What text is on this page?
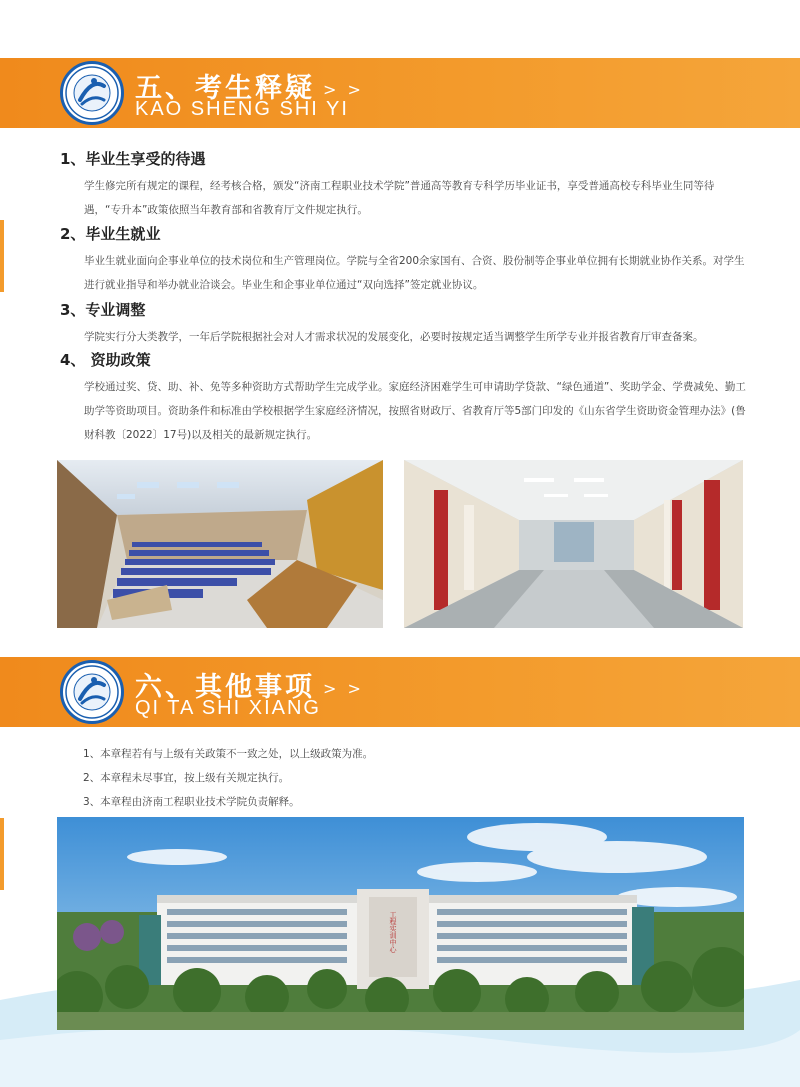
五、考生释疑 > >
KAO SHENG SHI YI
1、毕业生享受的待遇

学生修完所有规定的课程，经考核合格，颁发“济南工程职业技术学院”普通高等教育专科学历毕业证书，享受普通高校专科毕业生同等待遇，“专升本”政策依照当年教育部和省教育厅文件规定执行。

2、毕业生就业

毕业生就业面向企事业单位的技术岗位和生产管理岗位。学院与全省200余家国有、合资、股份制等企事业单位拥有长期就业协作关系。对学生进行就业指导和举办就业洽谈会。毕业生和企事业单位通过“双向选择”签定就业协议。

3、专业调整

学院实行分大类教学，一年后学院根据社会对人才需求状况的发展变化，必要时按规定适当调整学生所学专业并报省教育厅审查备案。

4、 资助政策

学校通过奖、贷、助、补、免等多种资助方式帮助学生完成学业。家庭经济困难学生可申请助学贷款、“绿色通道”、奖助学金、学费减免、勤工助学等资助项目。资助条件和标准由学校根据学生家庭经济情况，按照省财政厅、省教育厅等5部门印发的《山东省学生资助资金管理办法》(鲁财科教〔2022〕17号)以及相关的最新规定执行。

六、其他事项 > >
QI TA SHI XIANG
1、本章程若有与上级有关政策不一致之处，以上级政策为准。
2、本章程未尽事宜，按上级有关规定执行。
3、本章程由济南工程职业技术学院负责解释。
工程实训中心
